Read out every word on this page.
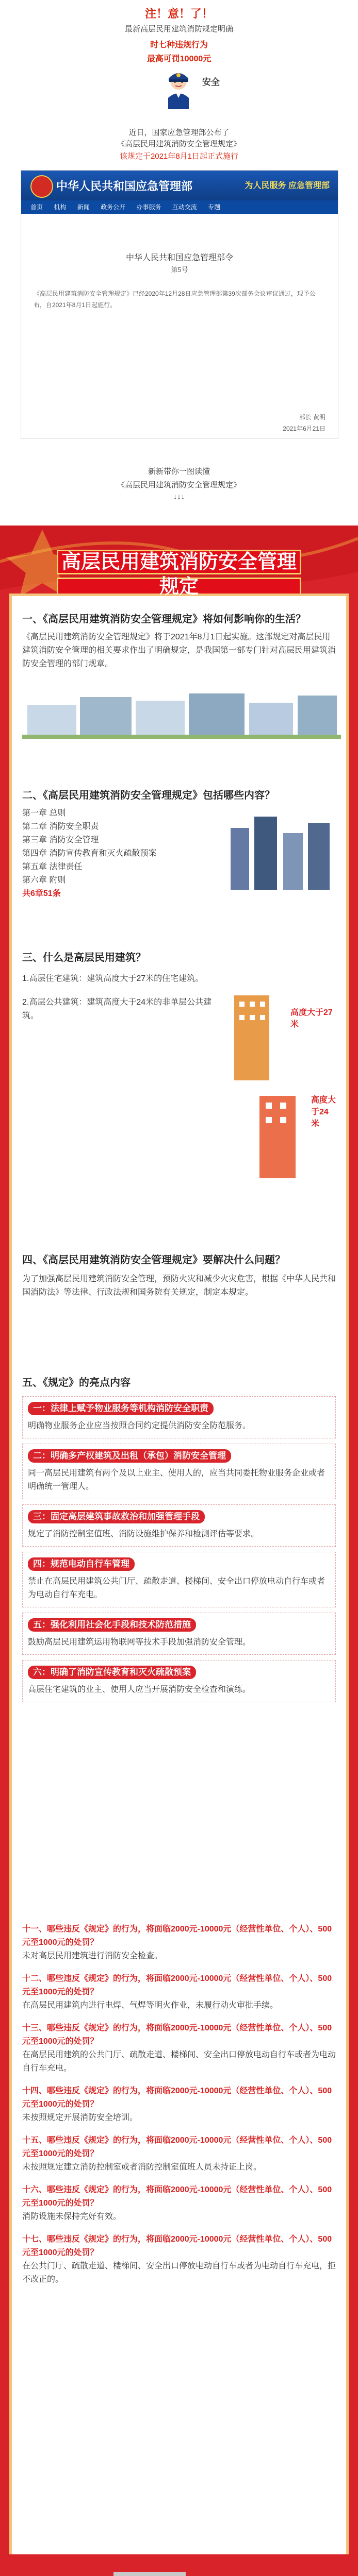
注！意！了！
最新高层民用建筑消防规定明确
时七种违规行为
最高可罚10000元
安全
近日，国家应急管理部公布了
《高层民用建筑消防安全管理规定》
该规定于2021年8月1日起正式施行
中华人民共和国应急管理部	为人民服务 应急管理部
首页 机构 新闻 政务公开 办事服务 互动交流 专题
中华人民共和国应急管理部令
第5号
《高层民用建筑消防安全管理规定》已经2020年12月28日应急管理部第39次部务会议审议通过，现予公布，自2021年8月1日起施行。
部长 黄明
2021年6月21日
新新带你一图读懂
《高层民用建筑消防安全管理规定》
↓↓↓
高层民用建筑消防安全管理规定
一、《高层民用建筑消防安全管理规定》将如何影响你的生活？
《高层民用建筑消防安全管理规定》将于2021年8月1日起实施。这部规定对高层民用建筑消防安全管理的相关要求作出了明确规定，是我国第一部专门针对高层民用建筑消防安全管理的部门规章。
二、《高层民用建筑消防安全管理规定》包括哪些内容？
第一章 总则
第二章 消防安全职责
第三章 消防安全管理
第四章 消防宣传教育和灭火疏散预案
第五章 法律责任
第六章 附则
共6章51条
三、什么是高层民用建筑？
1.高层住宅建筑：建筑高度大于27米的住宅建筑。
2.高层公共建筑：建筑高度大于24米的非单层公共建筑。	高度大于27米
高度大于24米
四、《高层民用建筑消防安全管理规定》要解决什么问题？
为了加强高层民用建筑消防安全管理，预防火灾和减少火灾危害，根据《中华人民共和国消防法》等法律、行政法规和国务院有关规定，制定本规定。
五、《规定》的亮点内容
一：法律上赋予物业服务等机构消防安全职责
明确物业服务企业应当按照合同约定提供消防安全防范服务。
二：明确多产权建筑及出租（承包）消防安全管理
同一高层民用建筑有两个及以上业主、使用人的，应当共同委托物业服务企业或者明确统一管理人。
三：固定高层建筑事故救治和加强管理手段
规定了消防控制室值班、消防设施维护保养和检测评估等要求。
四：规范电动自行车管理
禁止在高层民用建筑公共门厅、疏散走道、楼梯间、安全出口停放电动自行车或者为电动自行车充电。
五：强化利用社会化手段和技术防范措施
鼓励高层民用建筑运用物联网等技术手段加强消防安全管理。
六：明确了消防宣传教育和灭火疏散预案
高层住宅建筑的业主、使用人应当开展消防安全检查和演练。
十一、哪些违反《规定》的行为，将面临2000元-10000元（经营性单位、个人）、500元至1000元的处罚？
未对高层民用建筑进行消防安全检查。
十二、哪些违反《规定》的行为，将面临2000元-10000元（经营性单位、个人）、500元至1000元的处罚？
在高层民用建筑内进行电焊、气焊等明火作业，未履行动火审批手续。
十三、哪些违反《规定》的行为，将面临2000元-10000元（经营性单位、个人）、500元至1000元的处罚？
在高层民用建筑的公共门厅、疏散走道、楼梯间、安全出口停放电动自行车或者为电动自行车充电。
十四、哪些违反《规定》的行为，将面临2000元-10000元（经营性单位、个人）、500元至1000元的处罚？
未按照规定开展消防安全培训。
十五、哪些违反《规定》的行为，将面临2000元-10000元（经营性单位、个人）、500元至1000元的处罚？
未按照规定建立消防控制室或者消防控制室值班人员未持证上岗。
十六、哪些违反《规定》的行为，将面临2000元-10000元（经营性单位、个人）、500元至1000元的处罚？
消防设施未保持完好有效。
十七、哪些违反《规定》的行为，将面临2000元-10000元（经营性单位、个人）、500元至1000元的处罚？
在公共门厅、疏散走道、楼梯间、安全出口停放电动自行车或者为电动自行车充电，拒不改正的。
